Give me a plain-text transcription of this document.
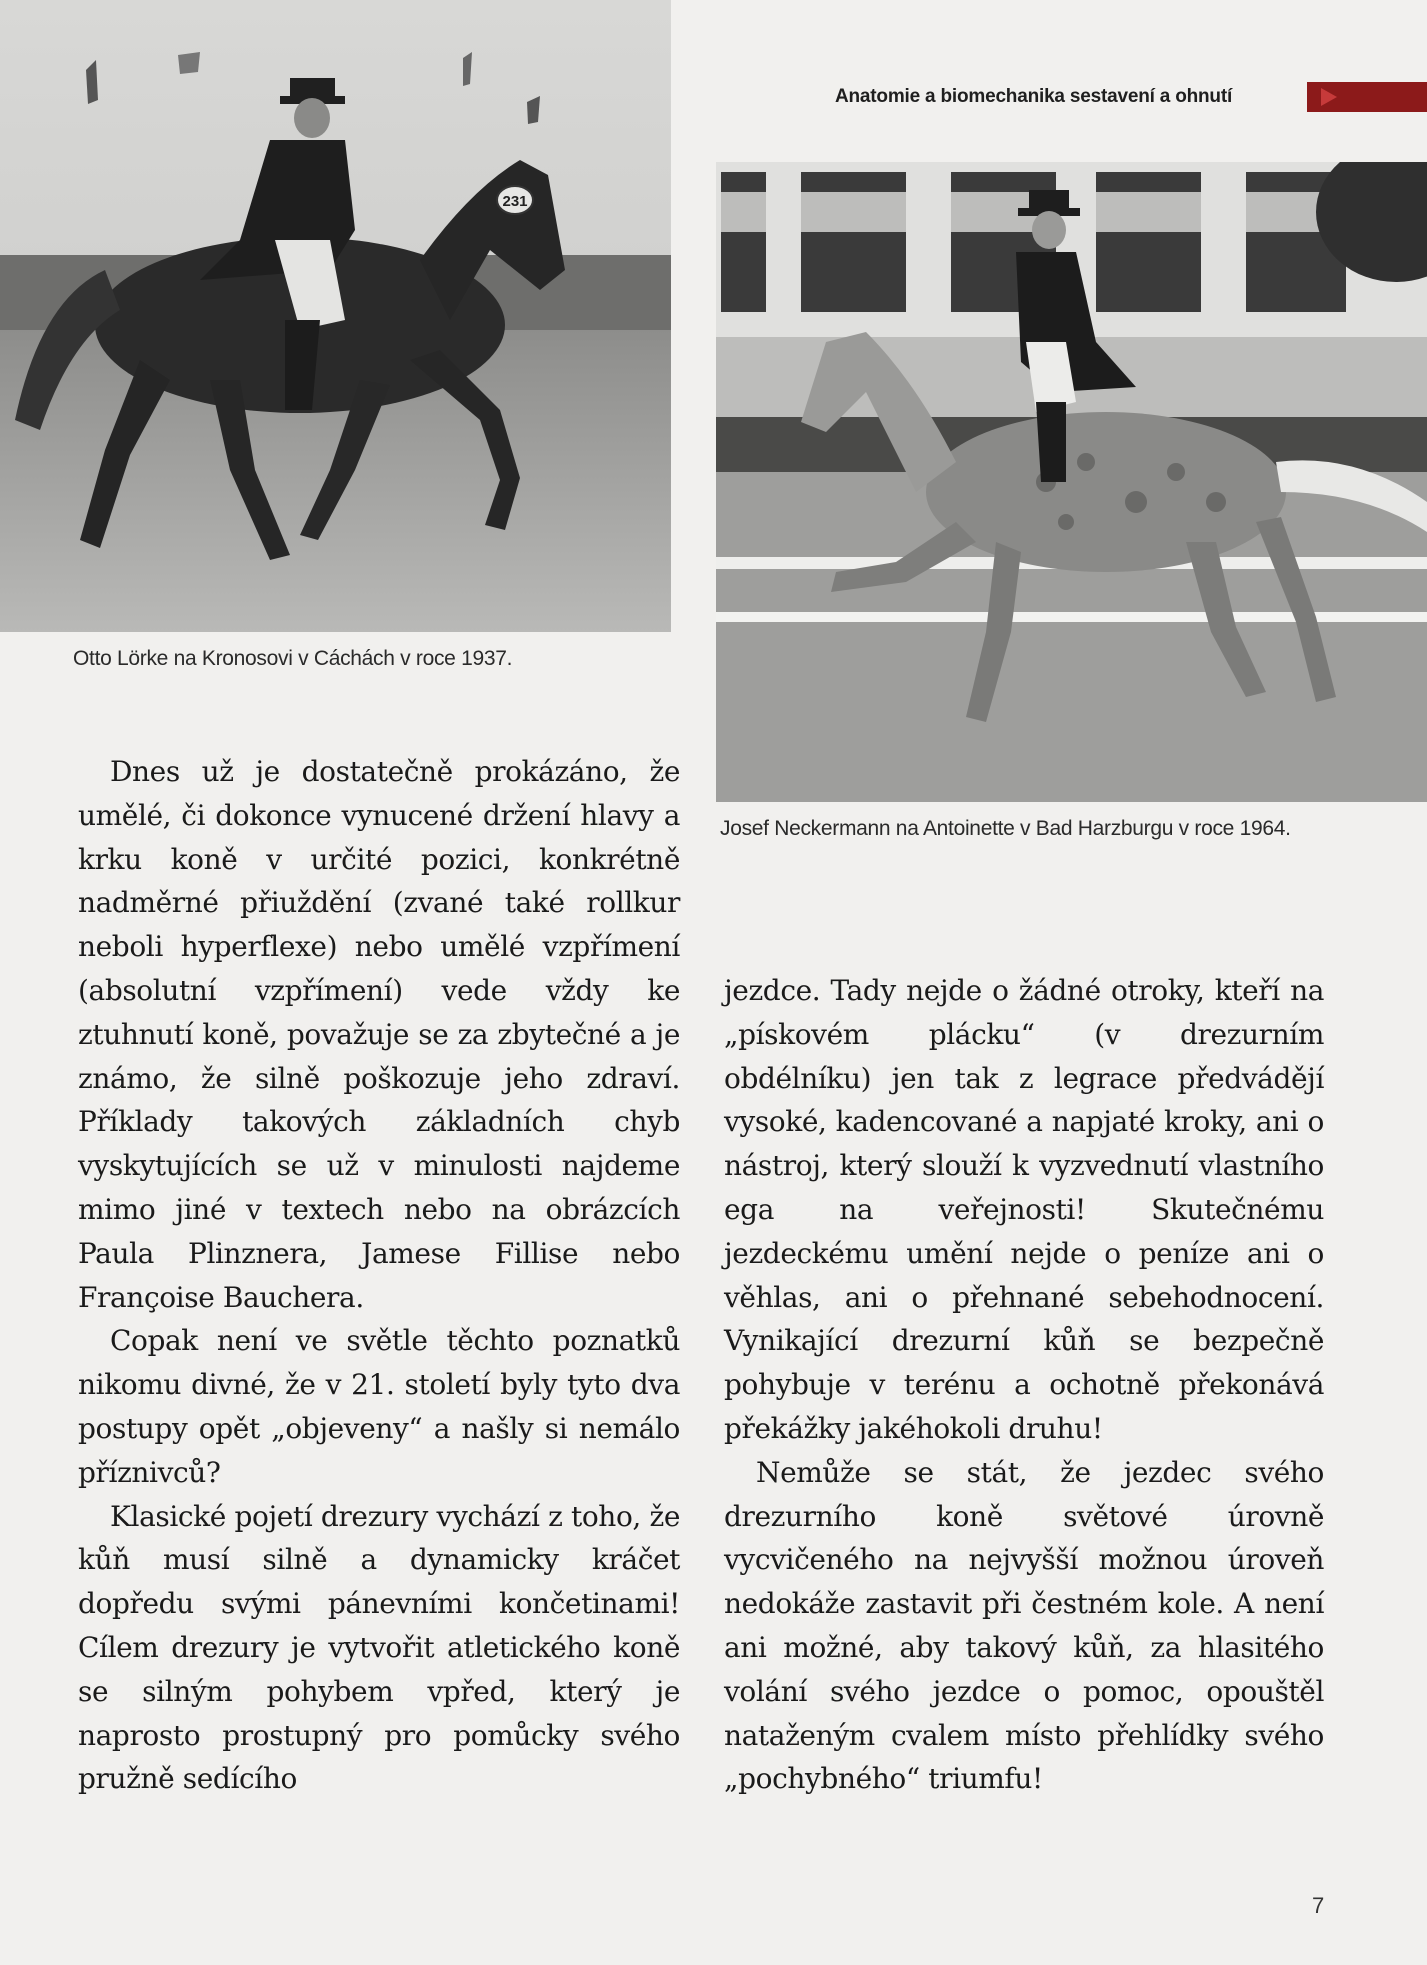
Anatomie a biomechanika sestavení a ohnutí
231
Otto Lörke na Kronosovi v Cáchách v roce 1937.
Josef Neckermann na Antoinette v Bad Harzburgu v roce 1964.

Dnes už je dostatečně prokázáno, že umělé, či dokonce vynucené držení hlavy a krku koně v určité pozici, konkrétně nadměrné přiuždění (zvané také rollkur neboli hyperflexe) nebo umělé vzpřímení (absolutní vzpřímení) vede vždy ke ztuhnutí koně, považuje se za zbytečné a je známo, že silně poškozuje jeho zdraví. Příklady takových základních chyb vyskytujících se už v minulosti najdeme mimo jiné v textech nebo na obrázcích Paula Plinznera, Jamese Fillise nebo Françoise Bauchera.

Copak není ve světle těchto poznatků nikomu divné, že v 21. století byly tyto dva postupy opět „objeveny“ a našly si nemálo příznivců?

Klasické pojetí drezury vychází z toho, že kůň musí silně a dynamicky kráčet dopředu svými pánevními končetinami! Cílem drezury je vytvořit atletického koně se silným pohybem vpřed, který je naprosto prostupný pro pomůcky svého pružně sedícího

jezdce. Tady nejde o žádné otroky, kteří na „pískovém plácku“ (v drezurním obdélníku) jen tak z legrace předvádějí vysoké, kadencované a napjaté kroky, ani o nástroj, který slouží k vyzvednutí vlastního ega na veřejnosti! Skutečnému jezdeckému umění nejde o peníze ani o věhlas, ani o přehnané sebehodnocení. Vynikající drezurní kůň se bezpečně pohybuje v terénu a ochotně překonává překážky jakéhokoli druhu!

Nemůže se stát, že jezdec svého drezurního koně světové úrovně vycvičeného na nejvyšší možnou úroveň nedokáže zastavit při čestném kole. A není ani možné, aby takový kůň, za hlasitého volání svého jezdce o pomoc, opouštěl nataženým cvalem místo přehlídky svého „pochybného“ triumfu!

7
